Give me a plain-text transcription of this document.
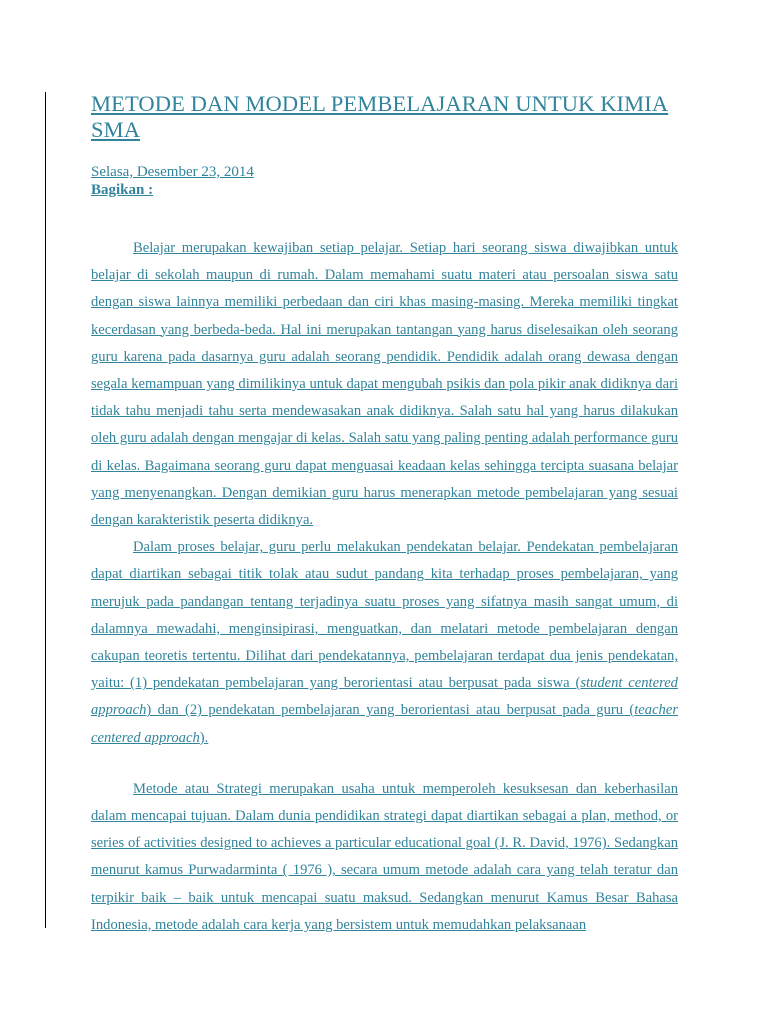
METODE DAN MODEL PEMBELAJARAN UNTUK KIMIA SMA
Selasa, Desember 23, 2014
Bagikan :

Belajar merupakan kewajiban setiap pelajar. Setiap hari seorang siswa diwajibkan untuk belajar di sekolah maupun di rumah. Dalam memahami suatu materi atau persoalan siswa satu dengan siswa lainnya memiliki perbedaan dan ciri khas masing-masing. Mereka memiliki tingkat kecerdasan yang berbeda-beda. Hal ini merupakan tantangan yang harus diselesaikan oleh seorang guru karena pada dasarnya guru adalah seorang pendidik. Pendidik adalah orang dewasa dengan segala kemampuan yang dimilikinya untuk dapat mengubah psikis dan pola pikir anak didiknya dari tidak tahu menjadi tahu serta mendewasakan anak didiknya. Salah satu hal yang harus dilakukan oleh guru adalah dengan mengajar di kelas. Salah satu yang paling penting adalah performance guru di kelas. Bagaimana seorang guru dapat menguasai keadaan kelas sehingga tercipta suasana belajar yang menyenangkan. Dengan demikian guru harus menerapkan metode pembelajaran yang sesuai dengan karakteristik peserta didiknya.

Dalam proses belajar, guru perlu melakukan pendekatan belajar. Pendekatan pembelajaran dapat diartikan sebagai titik tolak atau sudut pandang kita terhadap proses pembelajaran, yang merujuk pada pandangan tentang terjadinya suatu proses yang sifatnya masih sangat umum, di dalamnya mewadahi, menginsipirasi, menguatkan, dan melatari metode pembelajaran dengan cakupan teoretis tertentu. Dilihat dari pendekatannya, pembelajaran terdapat dua jenis pendekatan, yaitu: (1) pendekatan pembelajaran yang berorientasi atau berpusat pada siswa (student centered approach) dan (2) pendekatan pembelajaran yang berorientasi atau berpusat pada guru (teacher centered approach).

Metode atau Strategi merupakan usaha untuk memperoleh kesuksesan dan keberhasilan dalam mencapai tujuan. Dalam dunia pendidikan strategi dapat diartikan sebagai a plan, method, or series of activities designed to achieves a particular educational goal (J. R. David, 1976). Sedangkan menurut kamus Purwadarminta ( 1976 ), secara umum metode adalah cara yang telah teratur dan terpikir baik – baik untuk mencapai suatu maksud. Sedangkan menurut Kamus Besar Bahasa Indonesia, metode adalah cara kerja yang bersistem untuk memudahkan pelaksanaan
